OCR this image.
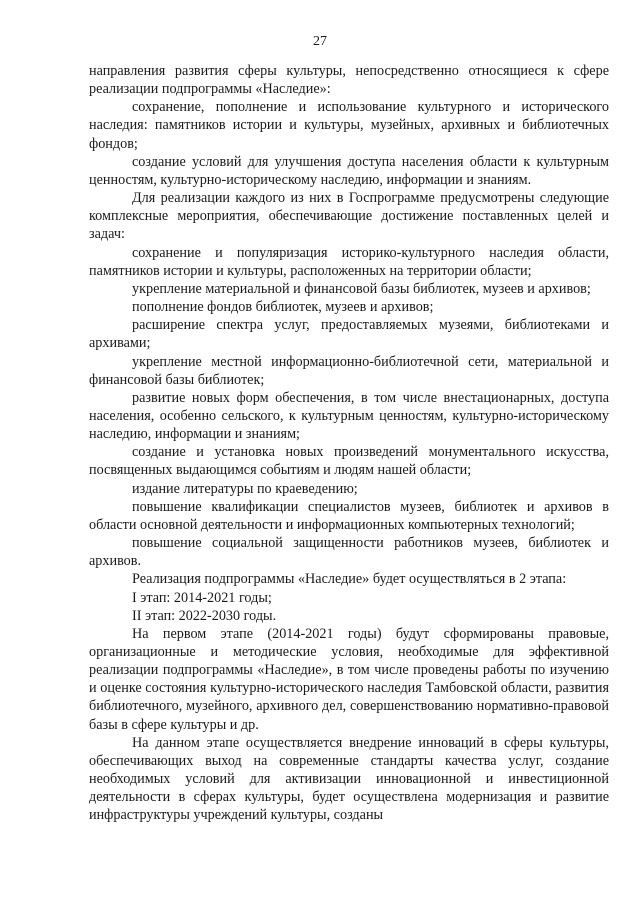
27

направления развития сферы культуры, непосредственно относящиеся к сфере реализации подпрограммы «Наследие»:

сохранение, пополнение и использование культурного и исторического наследия: памятников истории и культуры, музейных, архивных и библиотечных фондов;

создание условий для улучшения доступа населения области к культурным ценностям, культурно-историческому наследию, информации и знаниям.

Для реализации каждого из них в Госпрограмме предусмотрены следующие комплексные мероприятия, обеспечивающие достижение поставленных целей и задач:

сохранение и популяризация историко-культурного наследия области, памятников истории и культуры, расположенных на территории области;

укрепление материальной и финансовой базы библиотек, музеев и архивов;

пополнение фондов библиотек, музеев и архивов;

расширение спектра услуг, предоставляемых музеями, библиотеками и архивами;

укрепление местной информационно-библиотечной сети, материальной и финансовой базы библиотек;

развитие новых форм обеспечения, в том числе внестационарных, доступа населения, особенно сельского, к культурным ценностям, культурно-историческому наследию, информации и знаниям;

создание и установка новых произведений монументального искусства, посвященных выдающимся событиям и людям нашей области;

издание литературы по краеведению;

повышение квалификации специалистов музеев, библиотек и архивов в области основной деятельности и информационных компьютерных технологий;

повышение социальной защищенности работников музеев, библиотек и архивов.

Реализация подпрограммы «Наследие» будет осуществляться в 2 этапа:

I этап: 2014-2021 годы;

II этап: 2022-2030 годы.

На первом этапе (2014-2021 годы) будут сформированы правовые, организационные и методические условия, необходимые для эффективной реализации подпрограммы «Наследие», в том числе проведены работы по изучению и оценке состояния культурно-исторического наследия Тамбовской области, развития библиотечного, музейного, архивного дел, совершенствованию нормативно-правовой базы в сфере культуры и др.

На данном этапе осуществляется внедрение инноваций в сферы культуры, обеспечивающих выход на современные стандарты качества услуг, создание необходимых условий для активизации инновационной и инвестиционной деятельности в сферах культуры, будет осуществлена модернизация и развитие инфраструктуры учреждений культуры, созданы
